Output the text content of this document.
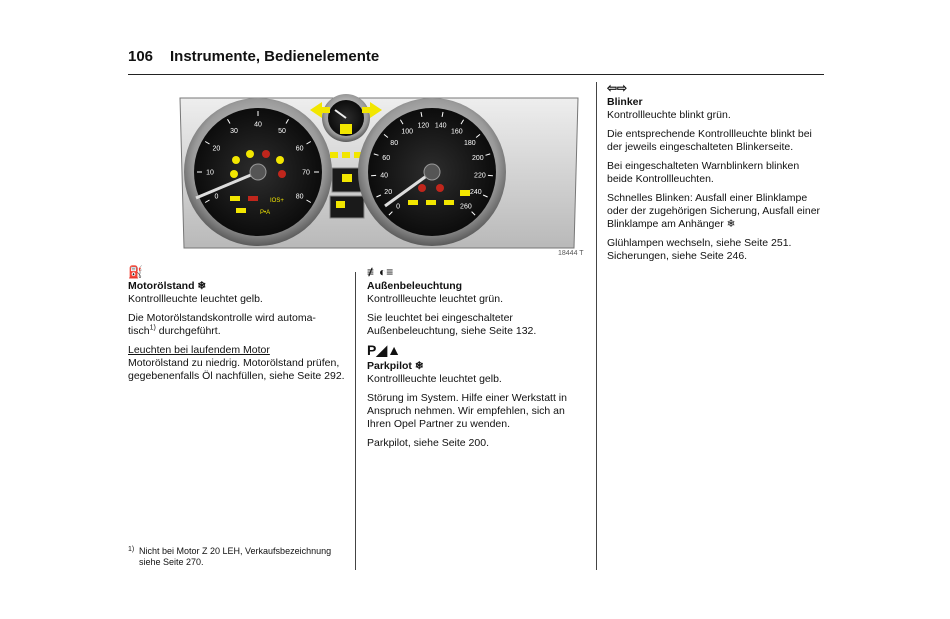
106 Instrumente, Bedienelemente
0
10
20
30
40
50
60
70
80
IOS+
P•A
0
20
40
60
80
100
120 140
160
180
200
220
240
260
18444 T

⛽

Motorölstand ❄

Kontrollleuchte leuchtet gelb.

Die Motorölstandskontrolle wird automa-
tisch$^{1)}$ durchgeführt.

Leuchten bei laufendem Motor

Motorölstand zu niedrig. Motorölstand prüfen, gegebenenfalls Öl nachfüllen, siehe Seite 292.

≢◐≡

Außenbeleuchtung

Kontrollleuchte leuchtet grün.

Sie leuchtet bei eingeschalteter Außenbeleuchtung, siehe Seite 132.

P◢▲

Parkpilot ❄

Kontrollleuchte leuchtet gelb.

Störung im System. Hilfe einer Werkstatt in Anspruch nehmen. Wir empfehlen, sich an Ihren Opel Partner zu wenden.

Parkpilot, siehe Seite 200.

⇦⇨

Blinker

Kontrollleuchte blinkt grün.

Die entsprechende Kontrollleuchte blinkt bei der jeweils eingeschalteten Blinkerseite.

Bei eingeschalteten Warnblinkern blinken beide Kontrollleuchten.

Schnelles Blinken: Ausfall einer Blinklampe oder der zugehörigen Sicherung, Ausfall einer Blinklampe am Anhänger ❄

Glühlampen wechseln, siehe Seite 251. Sicherungen, siehe Seite 246.

1) Nicht bei Motor Z 20 LEH, Verkaufsbezeichnung siehe Seite 270.
